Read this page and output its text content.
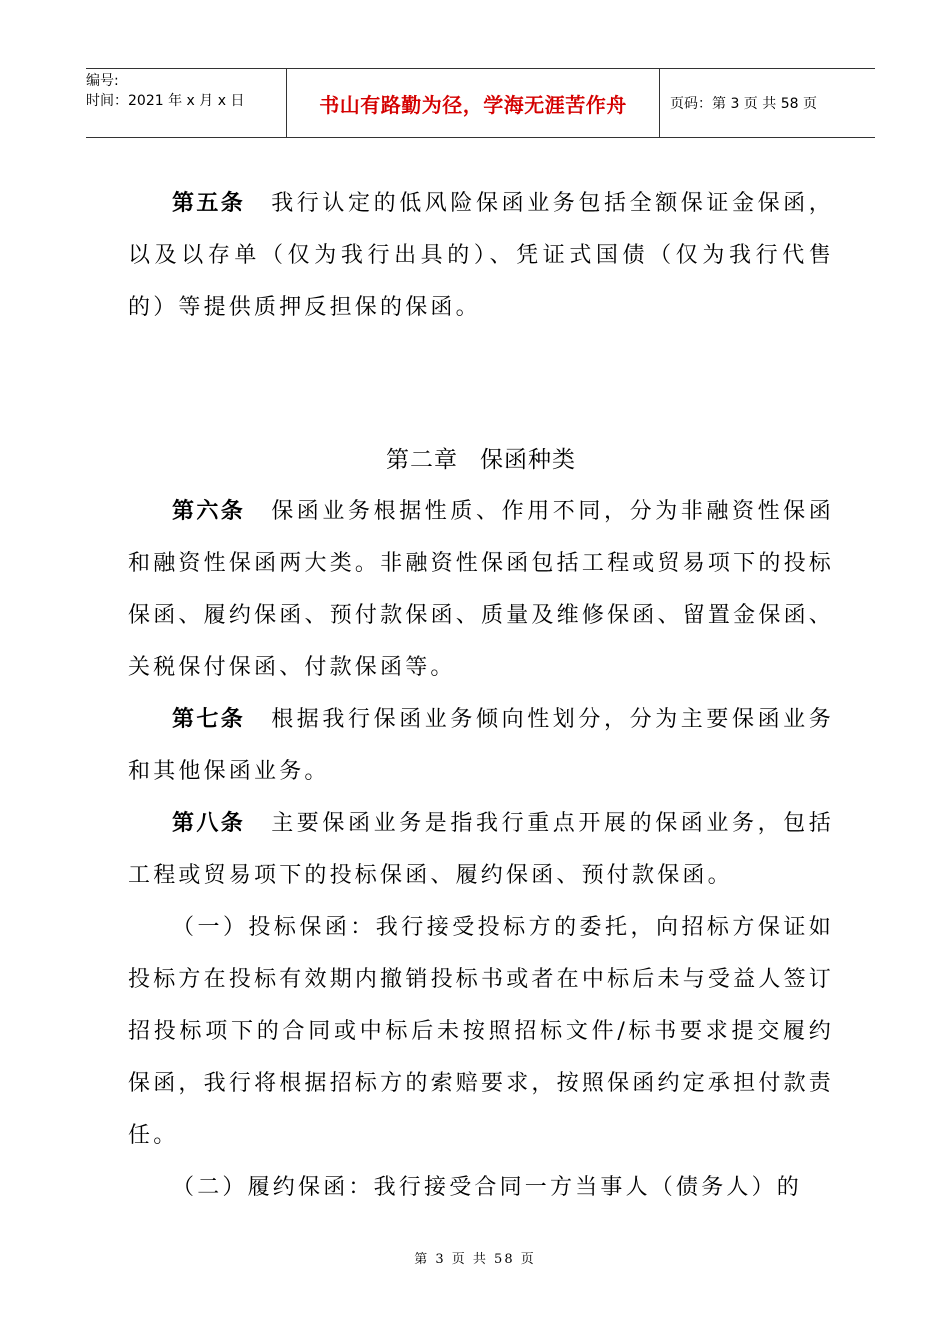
编号:
时间：2021 年 x 月 x 日	书山有路勤为径，学海无涯苦作舟	页码：第 3 页 共 58 页

第五条 我行认定的低风险保函业务包括全额保证金保函，以及以存单（仅为我行出具的）、凭证式国债（仅为我行代售的）等提供质押反担保的保函。

第二章 保函种类

第六条 保函业务根据性质、作用不同，分为非融资性保函和融资性保函两大类。非融资性保函包括工程或贸易项下的投标保函、履约保函、预付款保函、质量及维修保函、留置金保函、关税保付保函、付款保函等。

第七条 根据我行保函业务倾向性划分，分为主要保函业务和其他保函业务。

第八条 主要保函业务是指我行重点开展的保函业务，包括工程或贸易项下的投标保函、履约保函、预付款保函。

（一）投标保函：我行接受投标方的委托，向招标方保证如投标方在投标有效期内撤销投标书或者在中标后未与受益人签订招投标项下的合同或中标后未按照招标文件/标书要求提交履约保函，我行将根据招标方的索赔要求，按照保函约定承担付款责任。

（二）履约保函：我行接受合同一方当事人（债务人）的

第 3 页 共 58 页
